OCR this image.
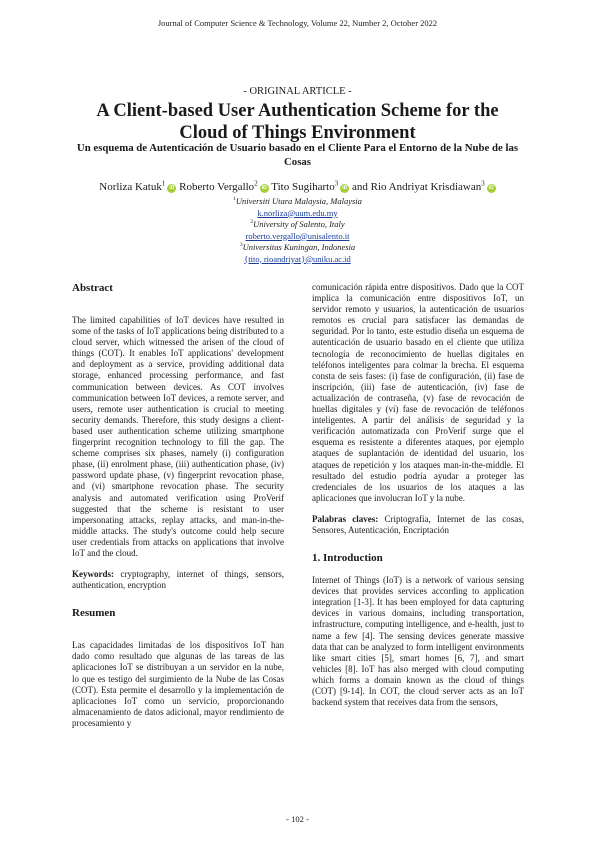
Journal of Computer Science & Technology, Volume 22, Number 2, October 2022
- ORIGINAL ARTICLE -
A Client-based User Authentication Scheme for the Cloud of Things Environment
Un esquema de Autenticación de Usuario basado en el Cliente Para el Entorno de la Nube de las Cosas
Norliza Katuk$^1$iD Roberto Vergallo$^2$iD Tito Sugiharto$^3$iD and Rio Andriyat Krisdiawan$^3$iD
$^1$Universiti Utara Malaysia, Malaysia
k.norliza@uum.edu.my
$^2$University of Salento, Italy
roberto.vergallo@unisalento.it
$^3$Universitas Kuningan, Indonesia
{tito, rioandriyat}@uniku.ac.id
Abstract

The limited capabilities of IoT devices have resulted in some of the tasks of IoT applications being distributed to a cloud server, which witnessed the arisen of the cloud of things (COT). It enables IoT applications' development and deployment as a service, providing additional data storage, enhanced processing performance, and fast communication between devices. As COT involves communication between IoT devices, a remote server, and users, remote user authentication is crucial to meeting security demands. Therefore, this study designs a client-based user authentication scheme utilizing smartphone fingerprint recognition technology to fill the gap. The scheme comprises six phases, namely (i) configuration phase, (ii) enrolment phase, (iii) authentication phase, (iv) password update phase, (v) fingerprint revocation phase, and (vi) smartphone revocation phase. The security analysis and automated verification using ProVerif suggested that the scheme is resistant to user impersonating attacks, replay attacks, and man-in-the-middle attacks. The study's outcome could help secure user credentials from attacks on applications that involve IoT and the cloud.

Keywords: cryptography, internet of things, sensors, authentication, encryption

Resumen

Las capacidades limitadas de los dispositivos IoT han dado como resultado que algunas de las tareas de las aplicaciones IoT se distribuyan a un servidor en la nube, lo que es testigo del surgimiento de la Nube de las Cosas (COT). Esta permite el desarrollo y la implementación de aplicaciones IoT como un servicio, proporcionando almacenamiento de datos adicional, mayor rendimiento de procesamiento y

comunicación rápida entre dispositivos. Dado que la COT implica la comunicación entre dispositivos IoT, un servidor remoto y usuarios, la autenticación de usuarios remotos es crucial para satisfacer las demandas de seguridad. Por lo tanto, este estudio diseña un esquema de autenticación de usuario basado en el cliente que utiliza tecnología de reconocimiento de huellas digitales en teléfonos inteligentes para colmar la brecha. El esquema consta de seis fases: (i) fase de configuración, (ii) fase de inscripción, (iii) fase de autenticación, (iv) fase de actualización de contraseña, (v) fase de revocación de huellas digitales y (vi) fase de revocación de teléfonos inteligentes. A partir del análisis de seguridad y la verificación automatizada con ProVerif surge que el esquema es resistente a diferentes ataques, por ejemplo ataques de suplantación de identidad del usuario, los ataques de repetición y los ataques man-in-the-middle. El resultado del estudio podría ayudar a proteger las credenciales de los usuarios de los ataques a las aplicaciones que involucran IoT y la nube.

Palabras claves: Criptografía, Internet de las cosas, Sensores, Autenticación, Encriptación

1. Introduction

Internet of Things (IoT) is a network of various sensing devices that provides services according to application integration [1-3]. It has been employed for data capturing devices in various domains, including transportation, infrastructure, computing intelligence, and e-health, just to name a few [4]. The sensing devices generate massive data that can be analyzed to form intelligent environments like smart cities [5], smart homes [6, 7], and smart vehicles [8]. IoT has also merged with cloud computing which forms a domain known as the cloud of things (COT) [9-14]. In COT, the cloud server acts as an IoT backend system that receives data from the sensors,

- 102 -
